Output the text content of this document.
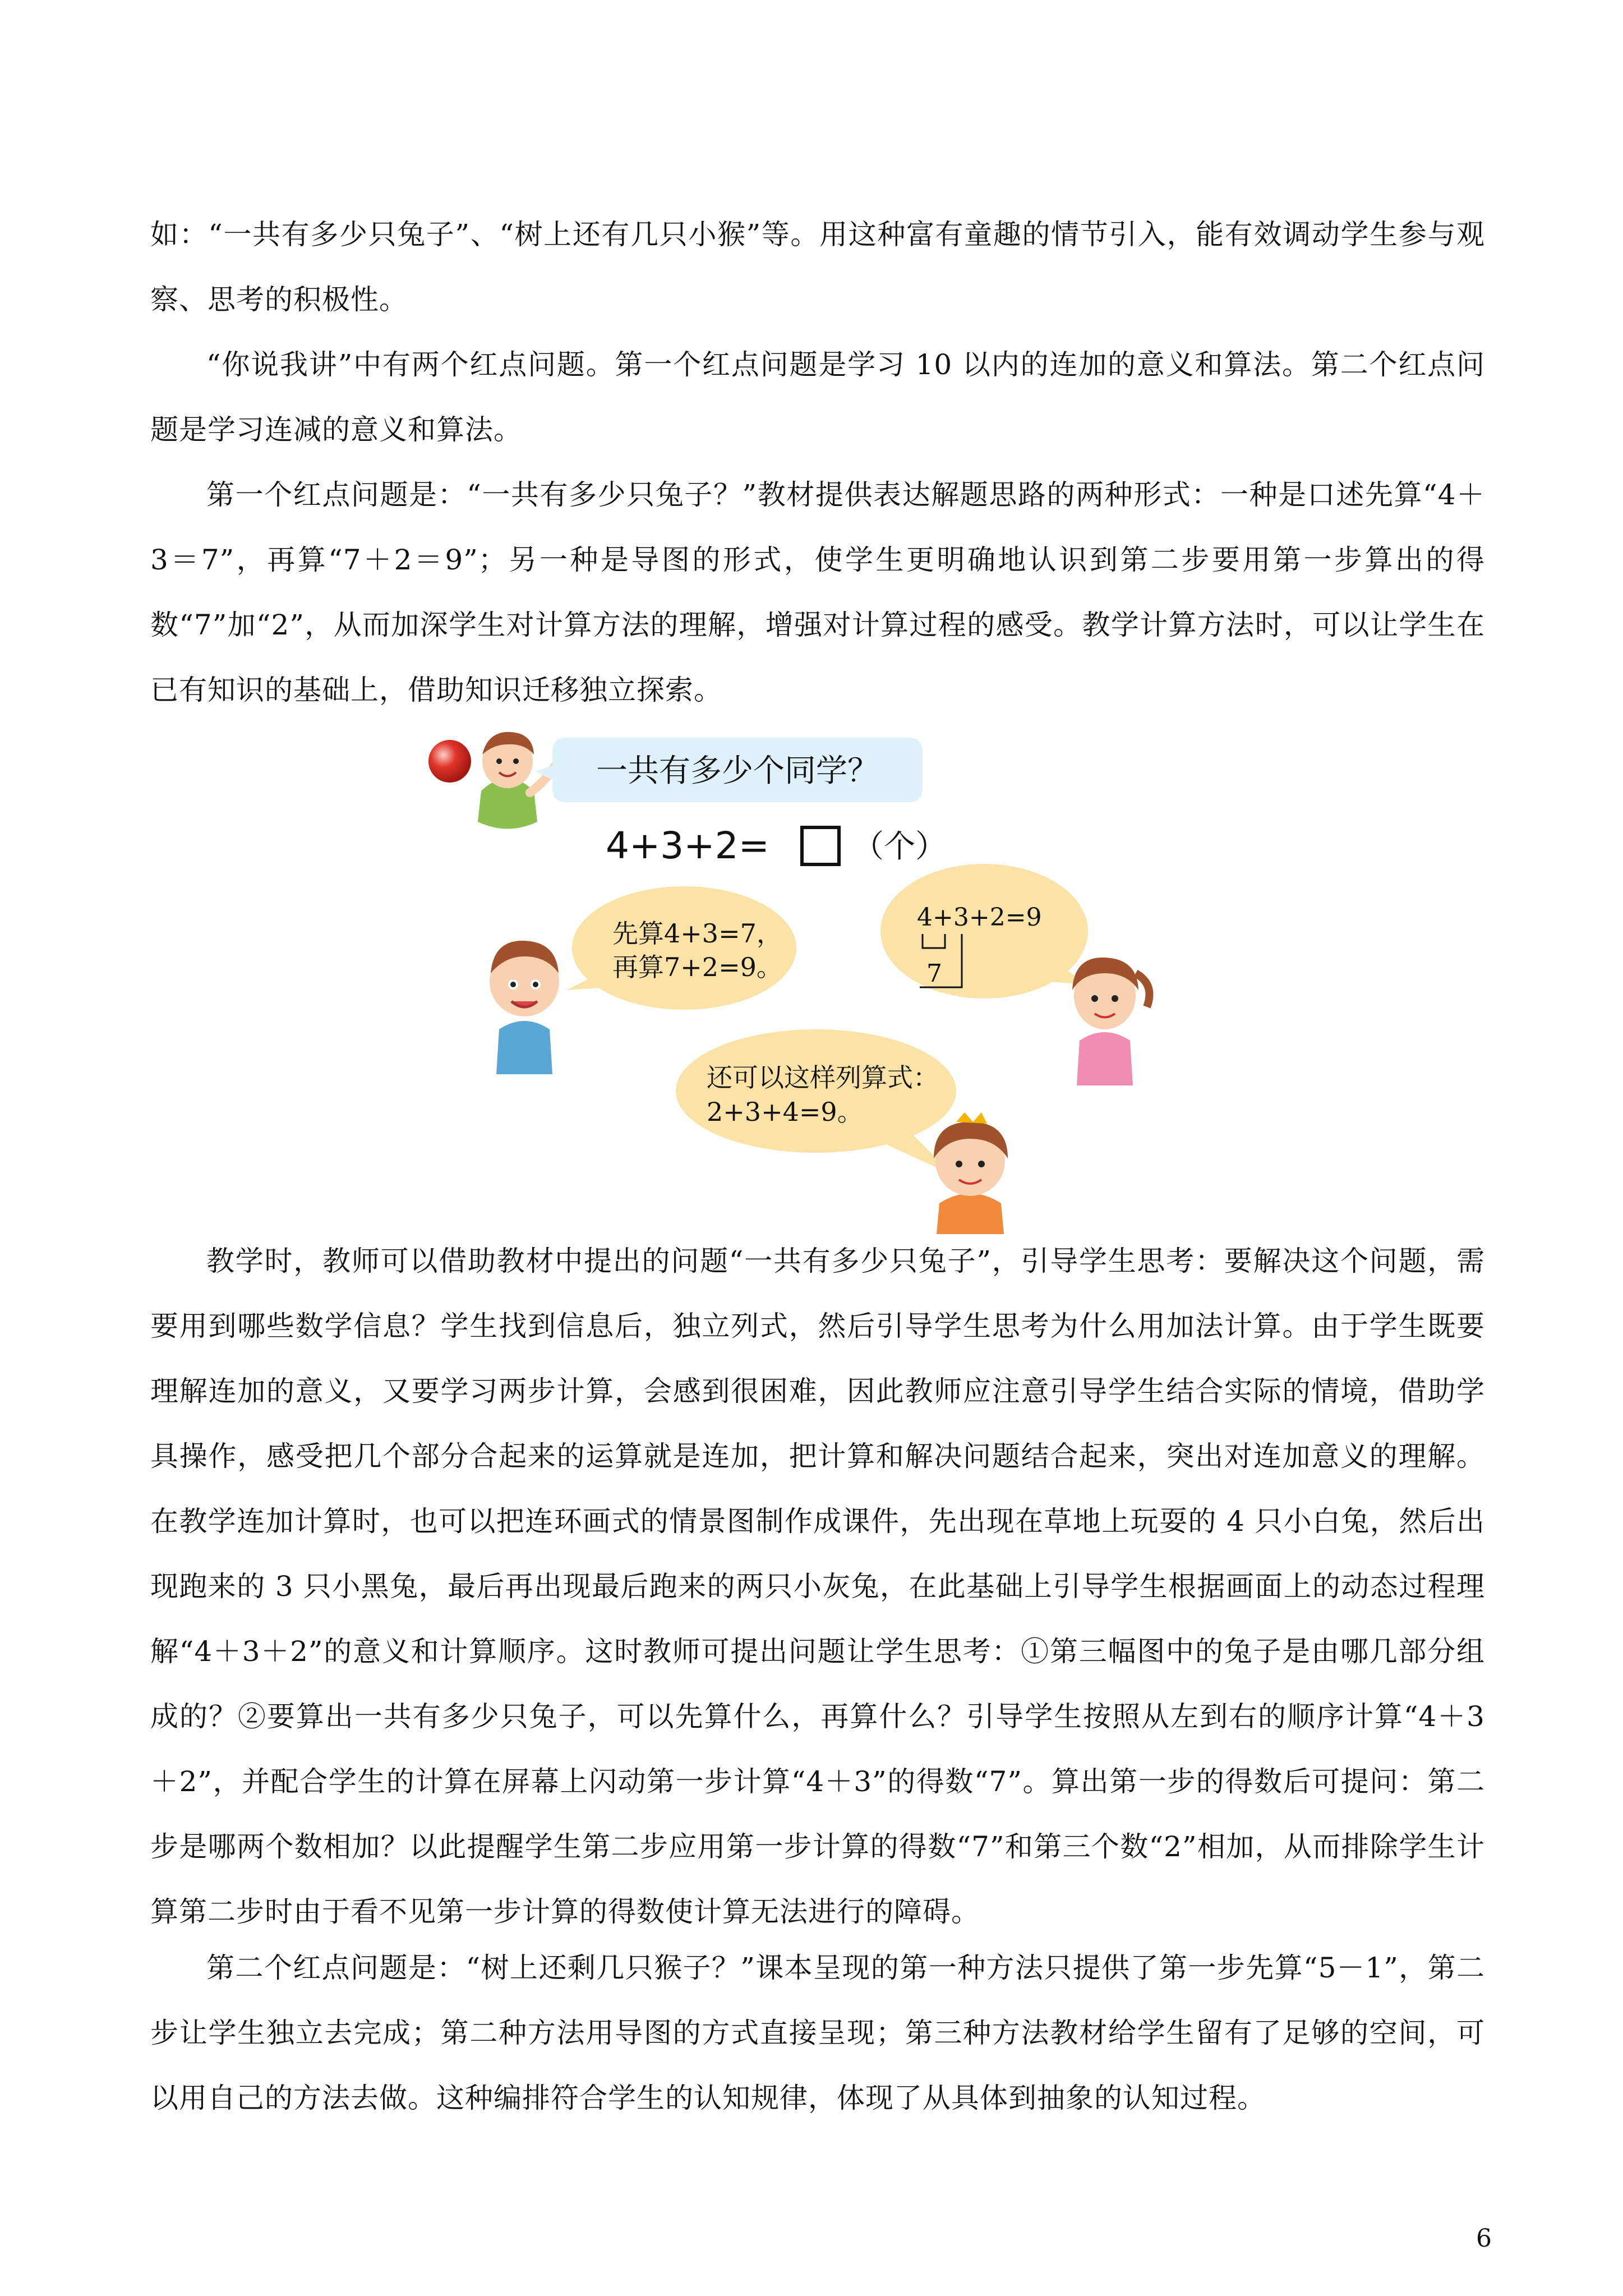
如：“一共有多少只兔子”、“树上还有几只小猴”等。用这种富有童趣的情节引入，能有效调动学生参与观察、思考的积极性。

“你说我讲”中有两个红点问题。第一个红点问题是学习 10 以内的连加的意义和算法。第二个红点问题是学习连减的意义和算法。

第一个红点问题是：“一共有多少只兔子？”教材提供表达解题思路的两种形式：一种是口述先算“4＋3＝7”，再算“7＋2＝9”；另一种是导图的形式，使学生更明确地认识到第二步要用第一步算出的得数“7”加“2”，从而加深学生对计算方法的理解，增强对计算过程的感受。教学计算方法时，可以让学生在已有知识的基础上，借助知识迁移独立探索。

一共有多少个同学？
4+3+2=	（个）
先算4+3=7，
再算7+2=9。
4+3+2=9
7
还可以这样列算式：
2+3+4=9。

教学时，教师可以借助教材中提出的问题“一共有多少只兔子”，引导学生思考：要解决这个问题，需要用到哪些数学信息？学生找到信息后，独立列式，然后引导学生思考为什么用加法计算。由于学生既要理解连加的意义，又要学习两步计算，会感到很困难，因此教师应注意引导学生结合实际的情境，借助学具操作，感受把几个部分合起来的运算就是连加，把计算和解决问题结合起来，突出对连加意义的理解。在教学连加计算时，也可以把连环画式的情景图制作成课件，先出现在草地上玩耍的 4 只小白兔，然后出现跑来的 3 只小黑兔，最后再出现最后跑来的两只小灰兔，在此基础上引导学生根据画面上的动态过程理解“4＋3＋2”的意义和计算顺序。这时教师可提出问题让学生思考：①第三幅图中的兔子是由哪几部分组成的？②要算出一共有多少只兔子，可以先算什么，再算什么？引导学生按照从左到右的顺序计算“4＋3＋2”，并配合学生的计算在屏幕上闪动第一步计算“4＋3”的得数“7”。算出第一步的得数后可提问：第二步是哪两个数相加？以此提醒学生第二步应用第一步计算的得数“7”和第三个数“2”相加，从而排除学生计算第二步时由于看不见第一步计算的得数使计算无法进行的障碍。

第二个红点问题是：“树上还剩几只猴子？”课本呈现的第一种方法只提供了第一步先算“5－1”，第二步让学生独立去完成；第二种方法用导图的方式直接呈现；第三种方法教材给学生留有了足够的空间，可以用自己的方法去做。这种编排符合学生的认知规律，体现了从具体到抽象的认知过程。

6
